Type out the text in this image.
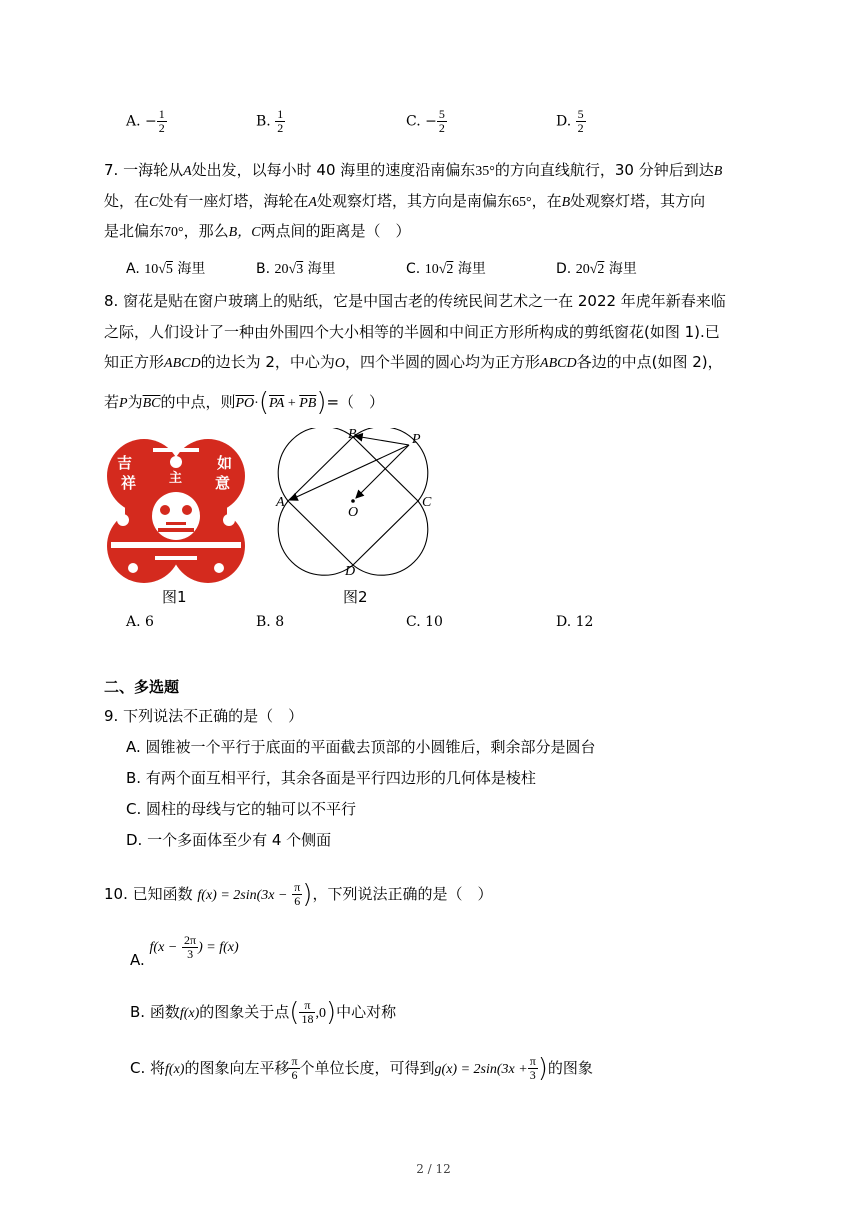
A. − $\frac{1}{2}$	B. $\frac{1}{2}$	C. − $\frac{5}{2}$	D. $\frac{5}{2}$
7. 一海轮从A处出发，以每小时 40 海里的速度沿南偏东35°的方向直线航行，30 分钟后到达B
处，在C处有一座灯塔，海轮在A处观察灯塔，其方向是南偏东65°，在B处观察灯塔，其方向
是北偏东70°，那么B，C两点间的距离是（　）
A. 10√5 海里	B. 20√3 海里	C. 10√2 海里	D. 20√2 海里
8. 窗花是贴在窗户玻璃上的贴纸，它是中国古老的传统民间艺术之一在 2022 年虎年新春来临
之际，人们设计了一种由外围四个大小相等的半圆和中间正方形所构成的剪纸窗花(如图 1).已
知正方形ABCD的边长为 2，中心为O，四个半圆的圆心均为正方形ABCD各边的中点(如图 2)，
若P为$\overline{BC}$的中点，则$\overline{PO}\cdot(\overline{PA} + \overline{PB})=$（　）
吉
祥
如
意
主
B	P
A
O
C
D
图1	图2
A. 6	B. 8	C. 10	D. 12
二、多选题
9. 下列说法不正确的是（　）
A. 圆锥被一个平行于底面的平面截去顶部的小圆锥后，剩余部分是圆台
B. 有两个面互相平行，其余各面是平行四边形的几何体是棱柱
C. 圆柱的母线与它的轴可以不平行
D. 一个多面体至少有 4 个侧面
10. 已知函数 $f(x) = 2\sin(3x - \frac{\pi}{6}$ )，下列说法正确的是（　）
A. $f(x - \frac{2\pi}{3}$ ) = f(x)
B. 函数f(x)的图象关于点( $\frac{\pi}{18} ,0$)中心对称
C. 将f(x)的图象向左平移 $\frac{\pi}{6}$ 个单位长度，可得到$g(x) = 2\sin(3x + \frac{\pi}{3}$ )的图象
2 / 12
